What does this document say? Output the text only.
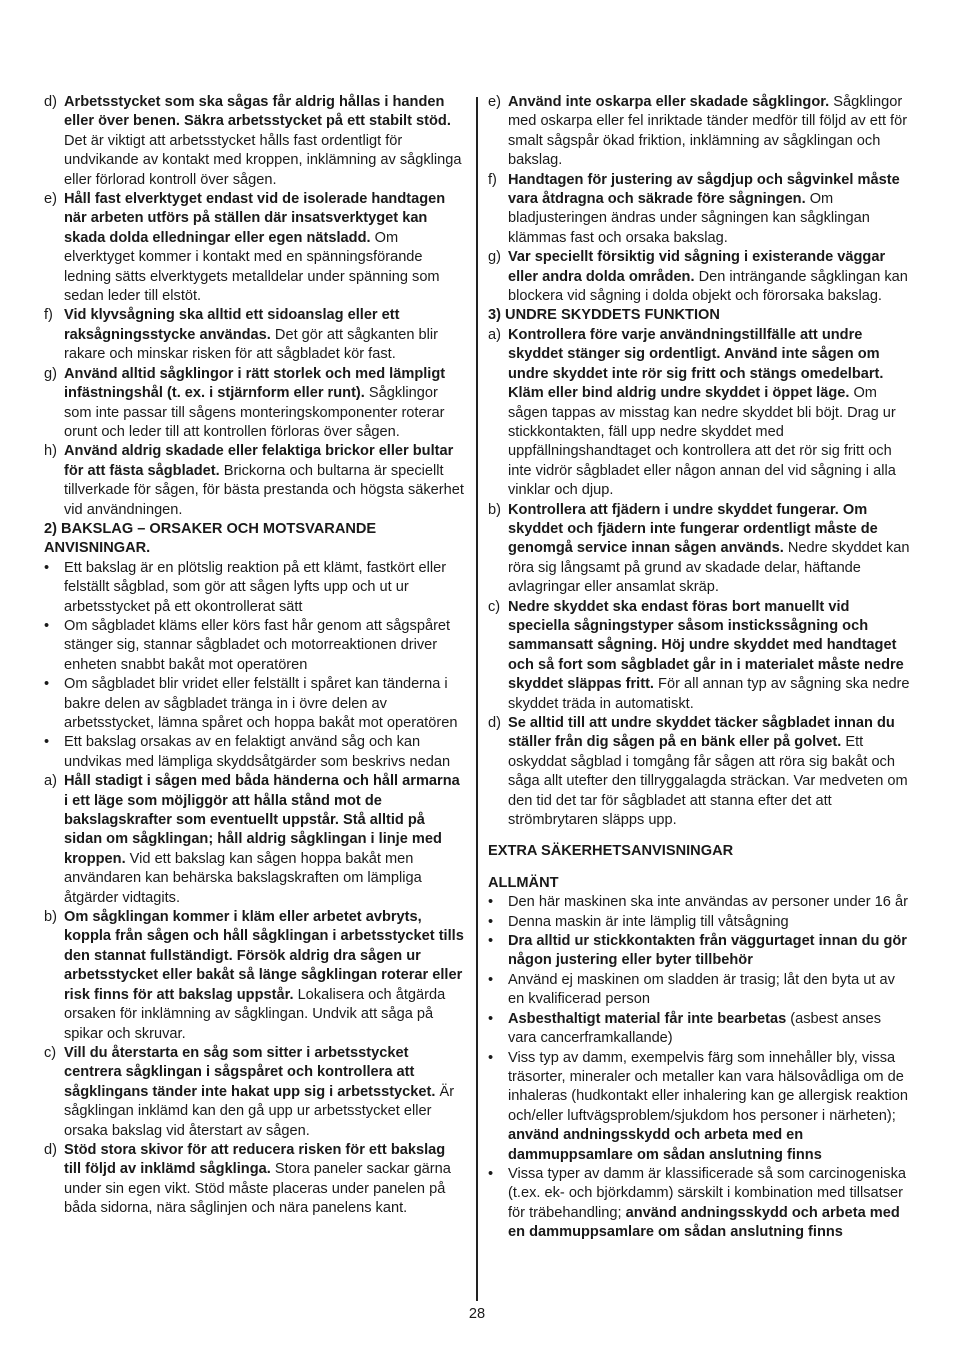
d) Arbetsstycket som ska sågas får aldrig hållas i handen eller över benen. Säkra arbetsstycket på ett stabilt stöd. Det är viktigt att arbetsstycket hålls fast ordentligt för undvikande av kontakt med kroppen, inklämning av sågklinga eller förlorad kontroll över sågen.
e) Håll fast elverktyget endast vid de isolerade handtagen när arbeten utförs på ställen där insatsverktyget kan skada dolda elledningar eller egen nätsladd. Om elverktyget kommer i kontakt med en spänningsförande ledning sätts elverktygets metalldelar under spänning som sedan leder till elstöt.
f) Vid klyvsågning ska alltid ett sidoanslag eller ett raksågningsstycke användas. Det gör att sågkanten blir rakare och minskar risken för att sågbladet kör fast.
g) Använd alltid sågklingor i rätt storlek och med lämpligt infästningshål (t. ex. i stjärnform eller runt). Sågklingor som inte passar till sågens monteringskomponenter roterar orunt och leder till att kontrollen förloras över sågen.
h) Använd aldrig skadade eller felaktiga brickor eller bultar för att fästa sågbladet. Brickorna och bultarna är speciellt tillverkade för sågen, för bästa prestanda och högsta säkerhet vid användningen.
2) BAKSLAG – ORSAKER OCH MOTSVARANDE ANVISNINGAR.
•	Ett bakslag är en plötslig reaktion på ett klämt, fastkört eller felställt sågblad, som gör att sågen lyfts upp och ut ur arbetsstycket på ett okontrollerat sätt
•	Om sågbladet kläms eller körs fast hår genom att sågspåret stänger sig, stannar sågbladet och motorreaktionen driver enheten snabbt bakåt mot operatören
•	Om sågbladet blir vridet eller felställt i spåret kan tänderna i bakre delen av sågbladet tränga in i övre delen av arbetsstycket, lämna spåret och hoppa bakåt mot operatören
•	Ett bakslag orsakas av en felaktigt använd såg och kan undvikas med lämpliga skyddsåtgärder som beskrivs nedan
a) Håll stadigt i sågen med båda händerna och håll armarna i ett läge som möjliggör att hålla stånd mot de bakslagskrafter som eventuellt uppstår. Stå alltid på sidan om sågklingan; håll aldrig sågklingan i linje med kroppen. Vid ett bakslag kan sågen hoppa bakåt men användaren kan behärska bakslagskraften om lämpliga åtgärder vidtagits.
b) Om sågklingan kommer i kläm eller arbetet avbryts, koppla från sågen och håll sågklingan i arbetsstycket tills den stannat fullständigt. Försök aldrig dra sågen ur arbetsstycket eller bakåt så länge sågklingan roterar eller risk finns för att bakslag uppstår. Lokalisera och åtgärda orsaken för inklämning av sågklingan. Undvik att såga på spikar och skruvar.
c) Vill du återstarta en såg som sitter i arbetsstycket centrera sågklingan i sågspåret och kontrollera att sågklingans tänder inte hakat upp sig i arbetsstycket. Är sågklingan inklämd kan den gå upp ur arbetsstycket eller orsaka bakslag vid återstart av sågen.
d) Stöd stora skivor för att reducera risken för ett bakslag till följd av inklämd sågklinga. Stora paneler sackar gärna under sin egen vikt. Stöd måste placeras under panelen på båda sidorna, nära såglinjen och nära panelens kant.
e) Använd inte oskarpa eller skadade sågklingor. Sågklingor med oskarpa eller fel inriktade tänder medför till följd av ett för smalt sågspår ökad friktion, inklämning av sågklingan och bakslag.
f) Handtagen för justering av sågdjup och sågvinkel måste vara åtdragna och säkrade före sågningen. Om bladjusteringen ändras under sågningen kan sågklingan klämmas fast och orsaka bakslag.
g) Var speciellt försiktig vid sågning i existerande väggar eller andra dolda områden. Den inträngande sågklingan kan blockera vid sågning i dolda objekt och förorsaka bakslag.
3) UNDRE SKYDDETS FUNKTION
a) Kontrollera före varje användningstillfälle att undre skyddet stänger sig ordentligt. Använd inte sågen om undre skyddet inte rör sig fritt och stängs omedelbart. Kläm eller bind aldrig undre skyddet i öppet läge. Om sågen tappas av misstag kan nedre skyddet bli böjt. Drag ur stickkontakten, fäll upp nedre skyddet med uppfällningshandtaget och kontrollera att det rör sig fritt och inte vidrör sågbladet eller någon annan del vid sågning i alla vinklar och djup.
b) Kontrollera att fjädern i undre skyddet fungerar. Om skyddet och fjädern inte fungerar ordentligt måste de genomgå service innan sågen används. Nedre skyddet kan röra sig långsamt på grund av skadade delar, häftande avlagringar eller ansamlat skräp.
c) Nedre skyddet ska endast föras bort manuellt vid speciella sågningstyper såsom instickssågning och sammansatt sågning. Höj undre skyddet med handtaget och så fort som sågbladet går in i materialet måste nedre skyddet släppas fritt. För all annan typ av sågning ska nedre skyddet träda in automatiskt.
d) Se alltid till att undre skyddet täcker sågbladet innan du ställer från dig sågen på en bänk eller på golvet. Ett oskyddat sågblad i tomgång får sågen att röra sig bakåt och såga allt utefter den tillryggalagda sträckan. Var medveten om den tid det tar för sågbladet att stanna efter det att strömbrytaren släpps upp.
EXTRA SÄKERHETSANVISNINGAR
ALLMÄNT
•	Den här maskinen ska inte användas av personer under 16 år
•	Denna maskin är inte lämplig till våtsågning
•	Dra alltid ur stickkontakten från väggurtaget innan du gör någon justering eller byter tillbehör
•	Använd ej maskinen om sladden är trasig; låt den byta ut av en kvalificerad person
•	Asbesthaltigt material får inte bearbetas (asbest anses vara cancerframkallande)
•	Viss typ av damm, exempelvis färg som innehåller bly, vissa träsorter, mineraler och metaller kan vara hälsovådliga om de inhaleras (hudkontakt eller inhalering kan ge allergisk reaktion och/eller luftvägsproblem/sjukdom hos personer i närheten); använd andningsskydd och arbeta med en dammuppsamlare om sådan anslutning finns
•	Vissa typer av damm är klassificerade så som carcinogeniska (t.ex. ek- och björkdamm) särskilt i kombination med tillsatser för träbehandling; använd andningsskydd och arbeta med en dammuppsamlare om sådan anslutning finns
28
